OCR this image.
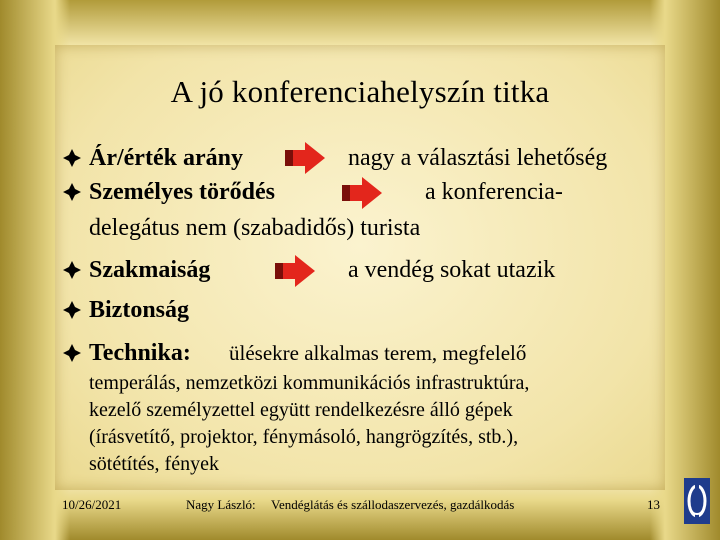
A jó konferenciahelyszín titka
Ár/érték arány	nagy a választási lehetőség
Személyes törődés	a konferencia-
delegátus nem (szabadidős) turista
Szakmaiság	a vendég sokat utazik
Biztonság
Technika: ülésekre alkalmas terem, megfelelő
temperálás, nemzetközi kommunikációs infrastruktúra,
kezelő személyzettel együtt rendelkezésre álló gépek
(írásvetítő, projektor, fénymásoló, hangrögzítés, stb.),
sötétítés, fények
10/26/2021	Nagy László: Vendéglátás és szállodaszervezés, gazdálkodás	13
